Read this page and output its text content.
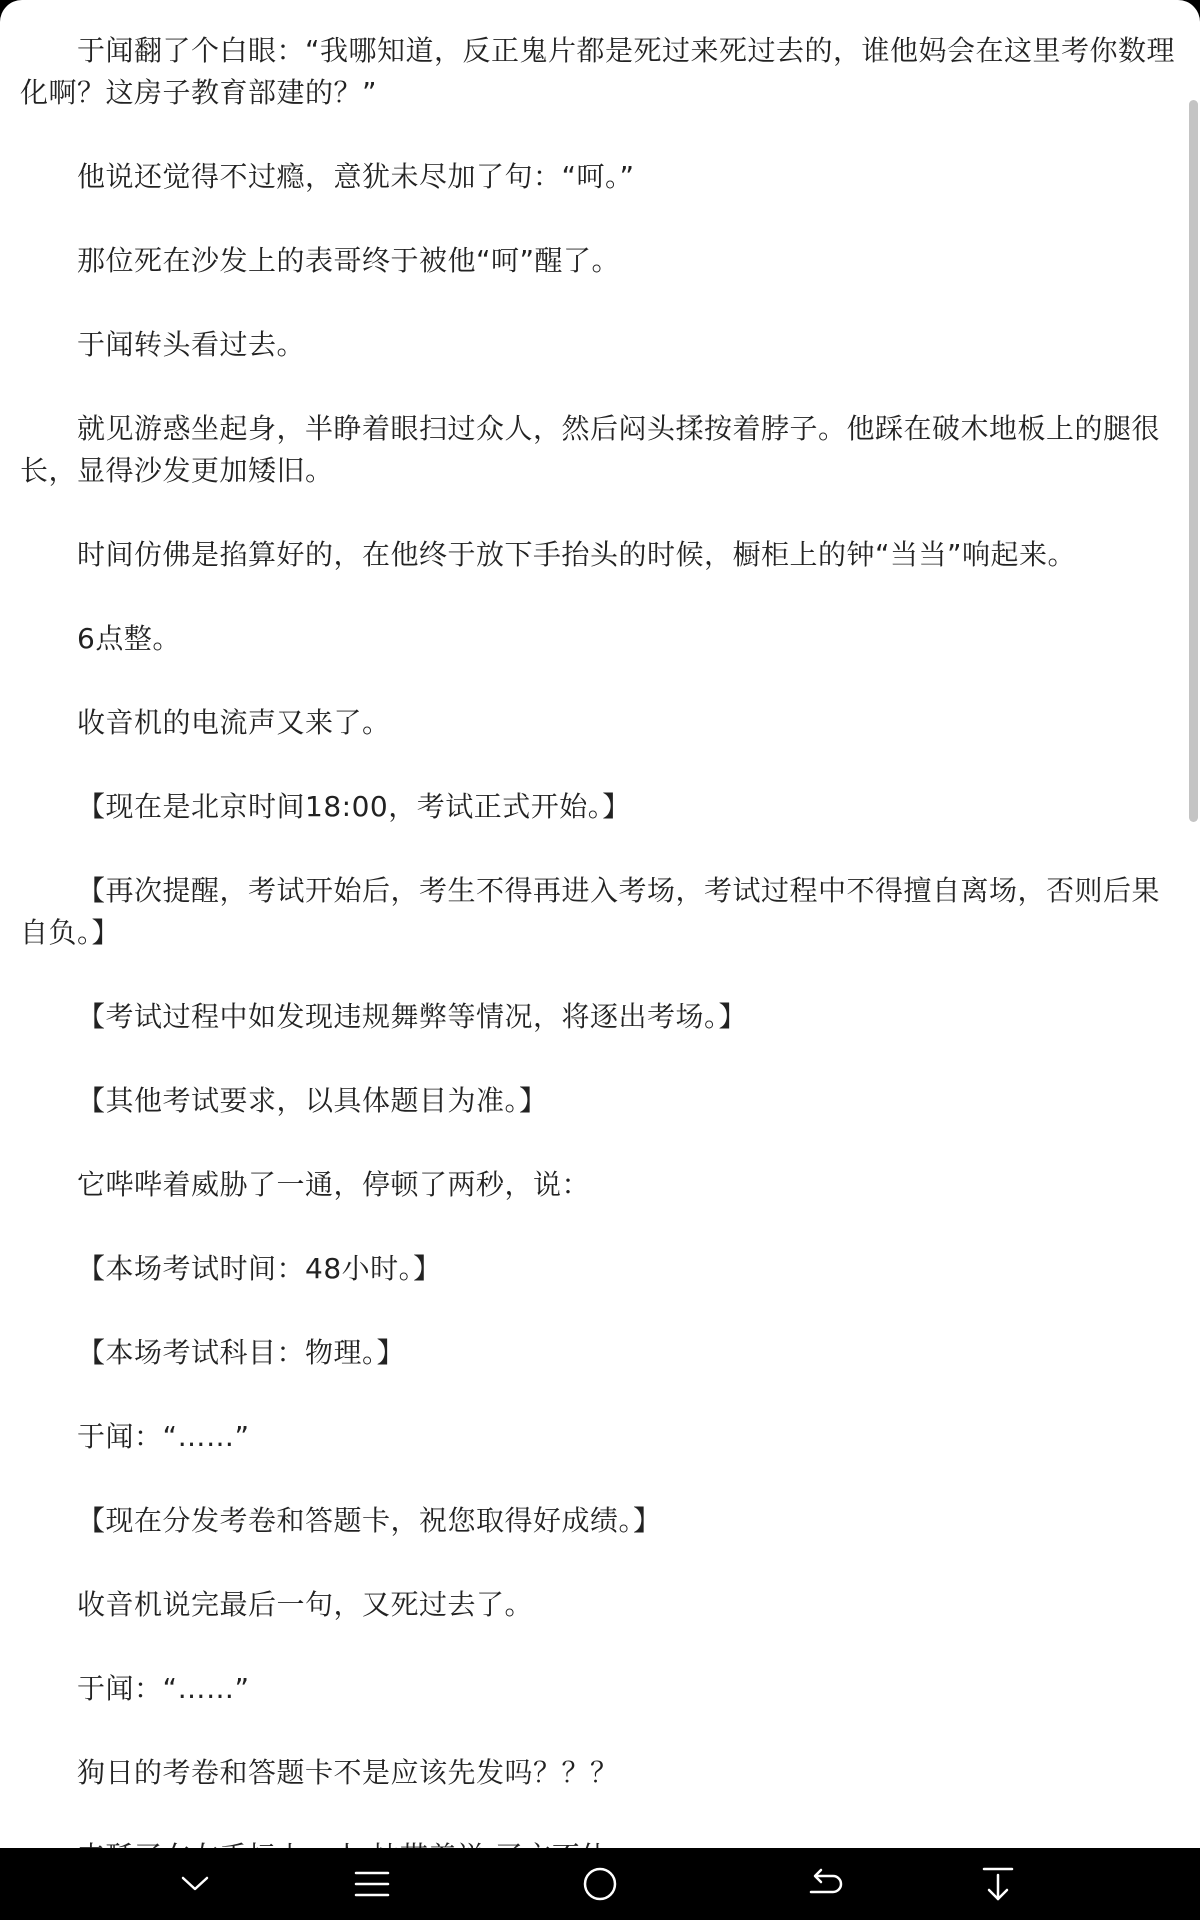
于闻翻了个白眼：“我哪知道，反正鬼片都是死过来死过去的，谁他妈会在这里考你数理化啊？这房子教育部建的？”

他说还觉得不过瘾，意犹未尽加了句：“呵。”

那位死在沙发上的表哥终于被他“呵”醒了。

于闻转头看过去。

就见游惑坐起身，半睁着眼扫过众人，然后闷头揉按着脖子。他踩在破木地板上的腿很长，显得沙发更加矮旧。

时间仿佛是掐算好的，在他终于放下手抬头的时候，橱柜上的钟“当当”响起来。

6点整。

收音机的电流声又来了。

【现在是北京时间18:00，考试正式开始。】

【再次提醒，考试开始后，考生不得再进入考场，考试过程中不得擅自离场，否则后果自负。】

【考试过程中如发现违规舞弊等情况，将逐出考场。】

【其他考试要求，以具体题目为准。】

它哔哔着威胁了一通，停顿了两秒，说：

【本场考试时间：48小时。】

【本场考试科目：物理。】

于闻：“……”

【现在分发考卷和答题卡，祝您取得好成绩。】

收音机说完最后一句，又死过去了。

于闻：“……”

狗日的考卷和答题卡不是应该先发吗？？？
